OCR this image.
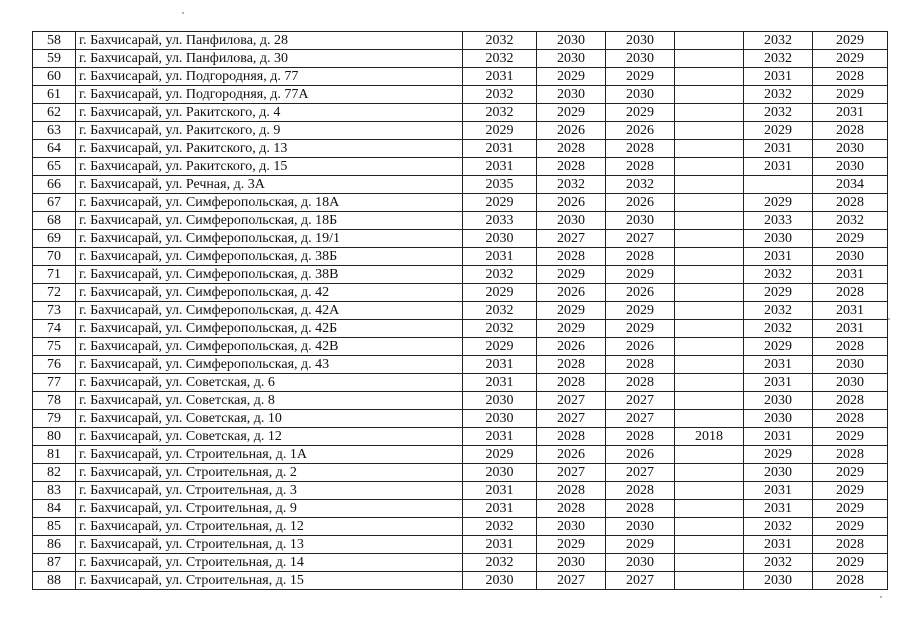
58	г. Бахчисарай, ул. Панфилова, д. 28	2032	2030	2030		2032	2029
59	г. Бахчисарай, ул. Панфилова, д. 30	2032	2030	2030		2032	2029
60	г. Бахчисарай, ул. Подгородняя, д. 77	2031	2029	2029		2031	2028
61	г. Бахчисарай, ул. Подгородняя, д. 77А	2032	2030	2030		2032	2029
62	г. Бахчисарай, ул. Ракитского, д. 4	2032	2029	2029		2032	2031
63	г. Бахчисарай, ул. Ракитского, д. 9	2029	2026	2026		2029	2028
64	г. Бахчисарай, ул. Ракитского, д. 13	2031	2028	2028		2031	2030
65	г. Бахчисарай, ул. Ракитского, д. 15	2031	2028	2028		2031	2030
66	г. Бахчисарай, ул. Речная, д. 3А	2035	2032	2032			2034
67	г. Бахчисарай, ул. Симферопольская, д. 18А	2029	2026	2026		2029	2028
68	г. Бахчисарай, ул. Симферопольская, д. 18Б	2033	2030	2030		2033	2032
69	г. Бахчисарай, ул. Симферопольская, д. 19/1	2030	2027	2027		2030	2029
70	г. Бахчисарай, ул. Симферопольская, д. 38Б	2031	2028	2028		2031	2030
71	г. Бахчисарай, ул. Симферопольская, д. 38В	2032	2029	2029		2032	2031
72	г. Бахчисарай, ул. Симферопольская, д. 42	2029	2026	2026		2029	2028
73	г. Бахчисарай, ул. Симферопольская, д. 42А	2032	2029	2029		2032	2031
74	г. Бахчисарай, ул. Симферопольская, д. 42Б	2032	2029	2029		2032	2031
75	г. Бахчисарай, ул. Симферопольская, д. 42В	2029	2026	2026		2029	2028
76	г. Бахчисарай, ул. Симферопольская, д. 43	2031	2028	2028		2031	2030
77	г. Бахчисарай, ул. Советская, д. 6	2031	2028	2028		2031	2030
78	г. Бахчисарай, ул. Советская, д. 8	2030	2027	2027		2030	2028
79	г. Бахчисарай, ул. Советская, д. 10	2030	2027	2027		2030	2028
80	г. Бахчисарай, ул. Советская, д. 12	2031	2028	2028	2018	2031	2029
81	г. Бахчисарай, ул. Строительная, д. 1А	2029	2026	2026		2029	2028
82	г. Бахчисарай, ул. Строительная, д. 2	2030	2027	2027		2030	2029
83	г. Бахчисарай, ул. Строительная, д. 3	2031	2028	2028		2031	2029
84	г. Бахчисарай, ул. Строительная, д. 9	2031	2028	2028		2031	2029
85	г. Бахчисарай, ул. Строительная, д. 12	2032	2030	2030		2032	2029
86	г. Бахчисарай, ул. Строительная, д. 13	2031	2029	2029		2031	2028
87	г. Бахчисарай, ул. Строительная, д. 14	2032	2030	2030		2032	2029
88	г. Бахчисарай, ул. Строительная, д. 15	2030	2027	2027		2030	2028
